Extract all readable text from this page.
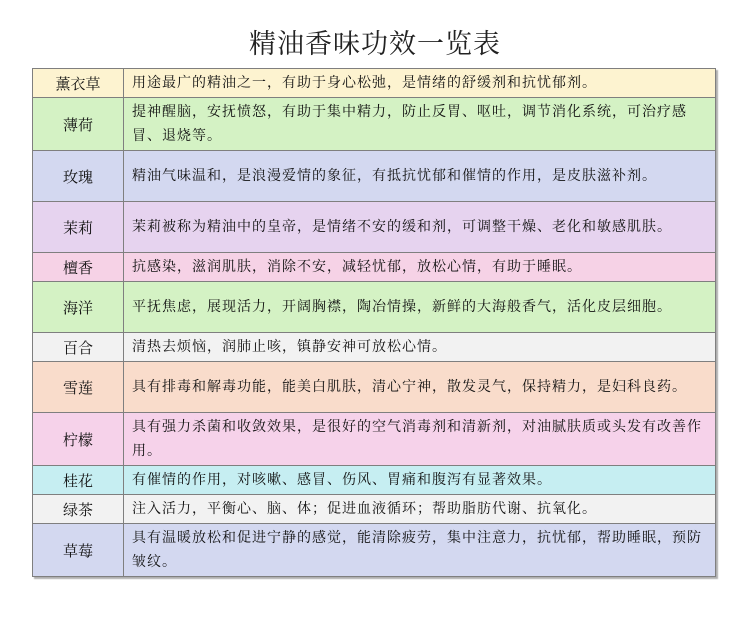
精油香味功效一览表
薰衣草	用途最广的精油之一，有助于身心松弛，是情绪的舒缓剂和抗忧郁剂。
薄荷	提神醒脑，安抚愤怒，有助于集中精力，防止反胃、呕吐，调节消化系统，可治疗感冒、退烧等。
玫瑰	精油气味温和，是浪漫爱情的象征，有抵抗忧郁和催情的作用，是皮肤滋补剂。
茉莉	茉莉被称为精油中的皇帝，是情绪不安的缓和剂，可调整干燥、老化和敏感肌肤。
檀香	抗感染，滋润肌肤，消除不安，减轻忧郁，放松心情，有助于睡眠。
海洋	平抚焦虑，展现活力，开阔胸襟，陶冶情操，新鲜的大海般香气，活化皮层细胞。
百合	清热去烦恼，润肺止咳，镇静安神可放松心情。
雪莲	具有排毒和解毒功能，能美白肌肤，清心宁神，散发灵气，保持精力，是妇科良药。
柠檬	具有强力杀菌和收敛效果，是很好的空气消毒剂和清新剂，对油腻肤质或头发有改善作用。
桂花	有催情的作用，对咳嗽、感冒、伤风、胃痛和腹泻有显著效果。
绿茶	注入活力，平衡心、脑、体；促进血液循环；帮助脂肪代谢、抗氧化。
草莓	具有温暖放松和促进宁静的感觉，能清除疲劳，集中注意力，抗忧郁，帮助睡眠，预防皱纹。
